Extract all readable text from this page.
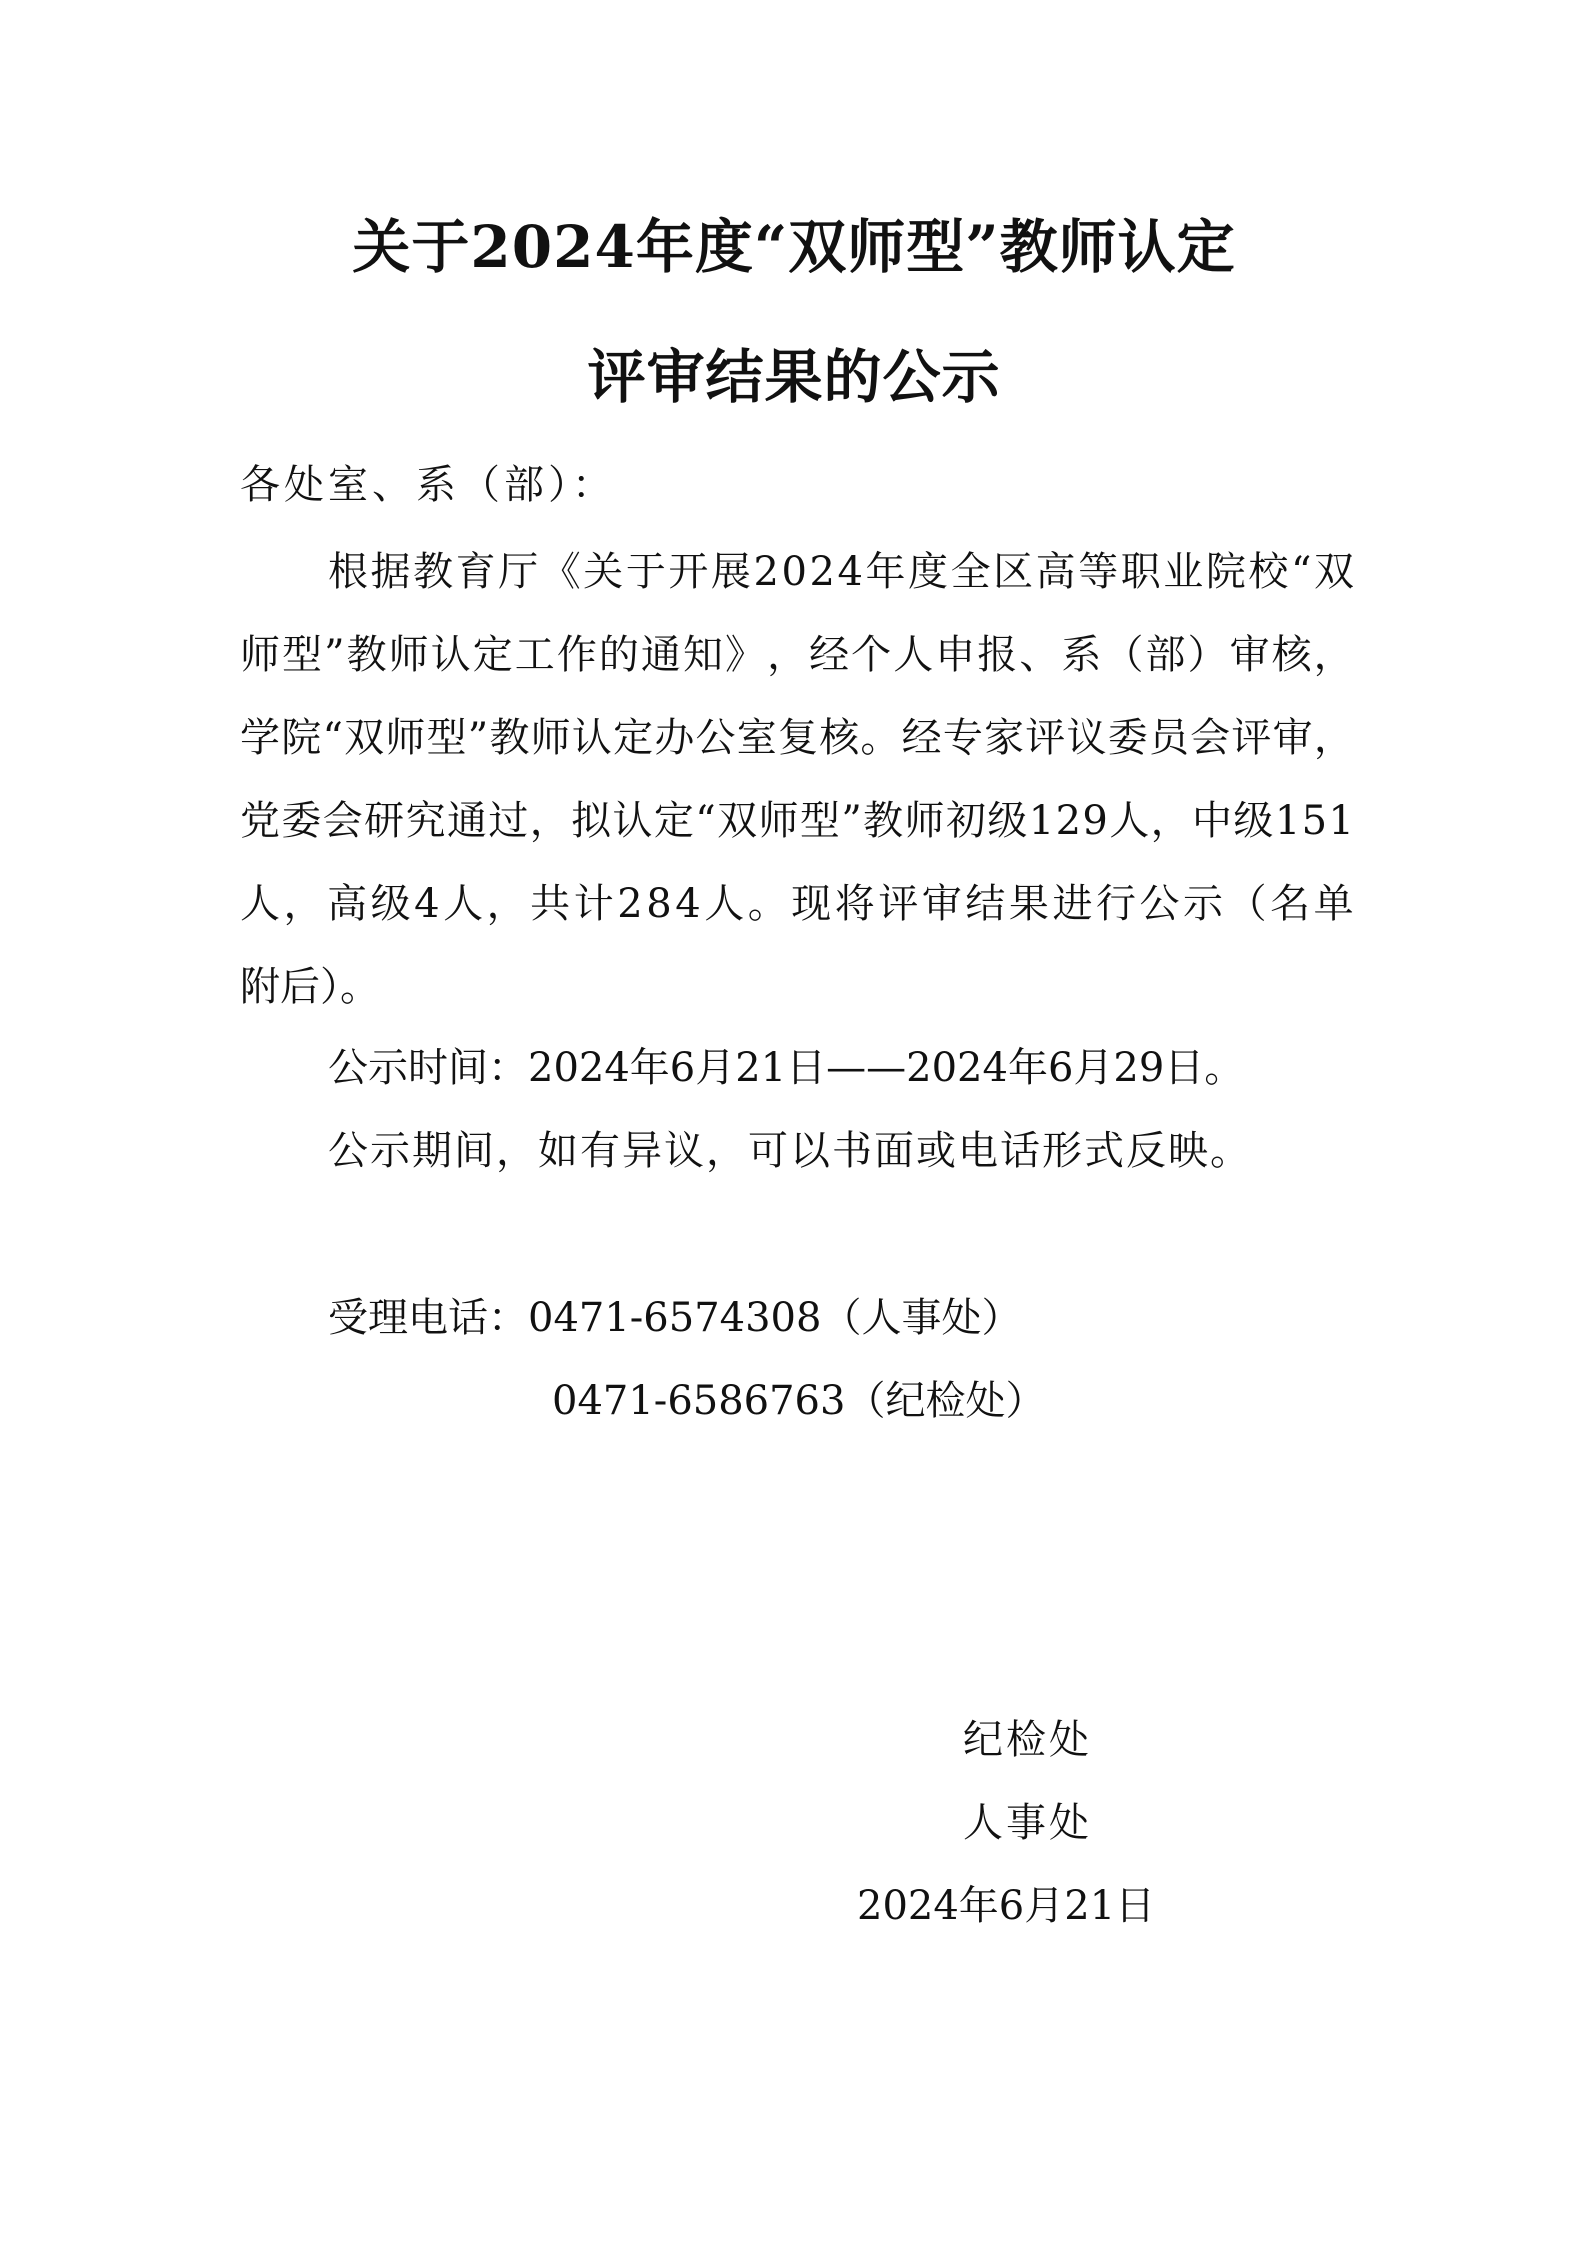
关于2024年度“双师型”教师认定
评审结果的公示
各处室、系（部）：
根 据 教 育 厅 《 关 于 开 展 2 0 2 4 年 度 全 区 高 等 职 业 院 校 “ 双
师 型 ” 教 师 认 定 工 作 的 通 知 》 ， 经 个 人 申 报 、 系 （ 部 ） 审 核 ，
学 院 “ 双 师 型 ” 教 师 认 定 办 公 室 复 核 。 经 专 家 评 议 委 员 会 评 审 ，
党 委 会 研 究 通 过 ， 拟 认 定 “ 双 师 型 ” 教 师 初 级 1 2 9 人 ， 中 级 1 5 1
人 ， 高 级 4 人 ， 共 计 2 8 4 人 。 现 将 评 审 结 果 进 行 公 示 （ 名 单
附后）。
公示时间：2024年6月21日——2024年6月29日。
公示期间，如有异议，可以书面或电话形式反映。
受理电话：0471-6574308（人事处）
0471-6586763（纪检处）
纪检处
人事处
2024年6月21日
